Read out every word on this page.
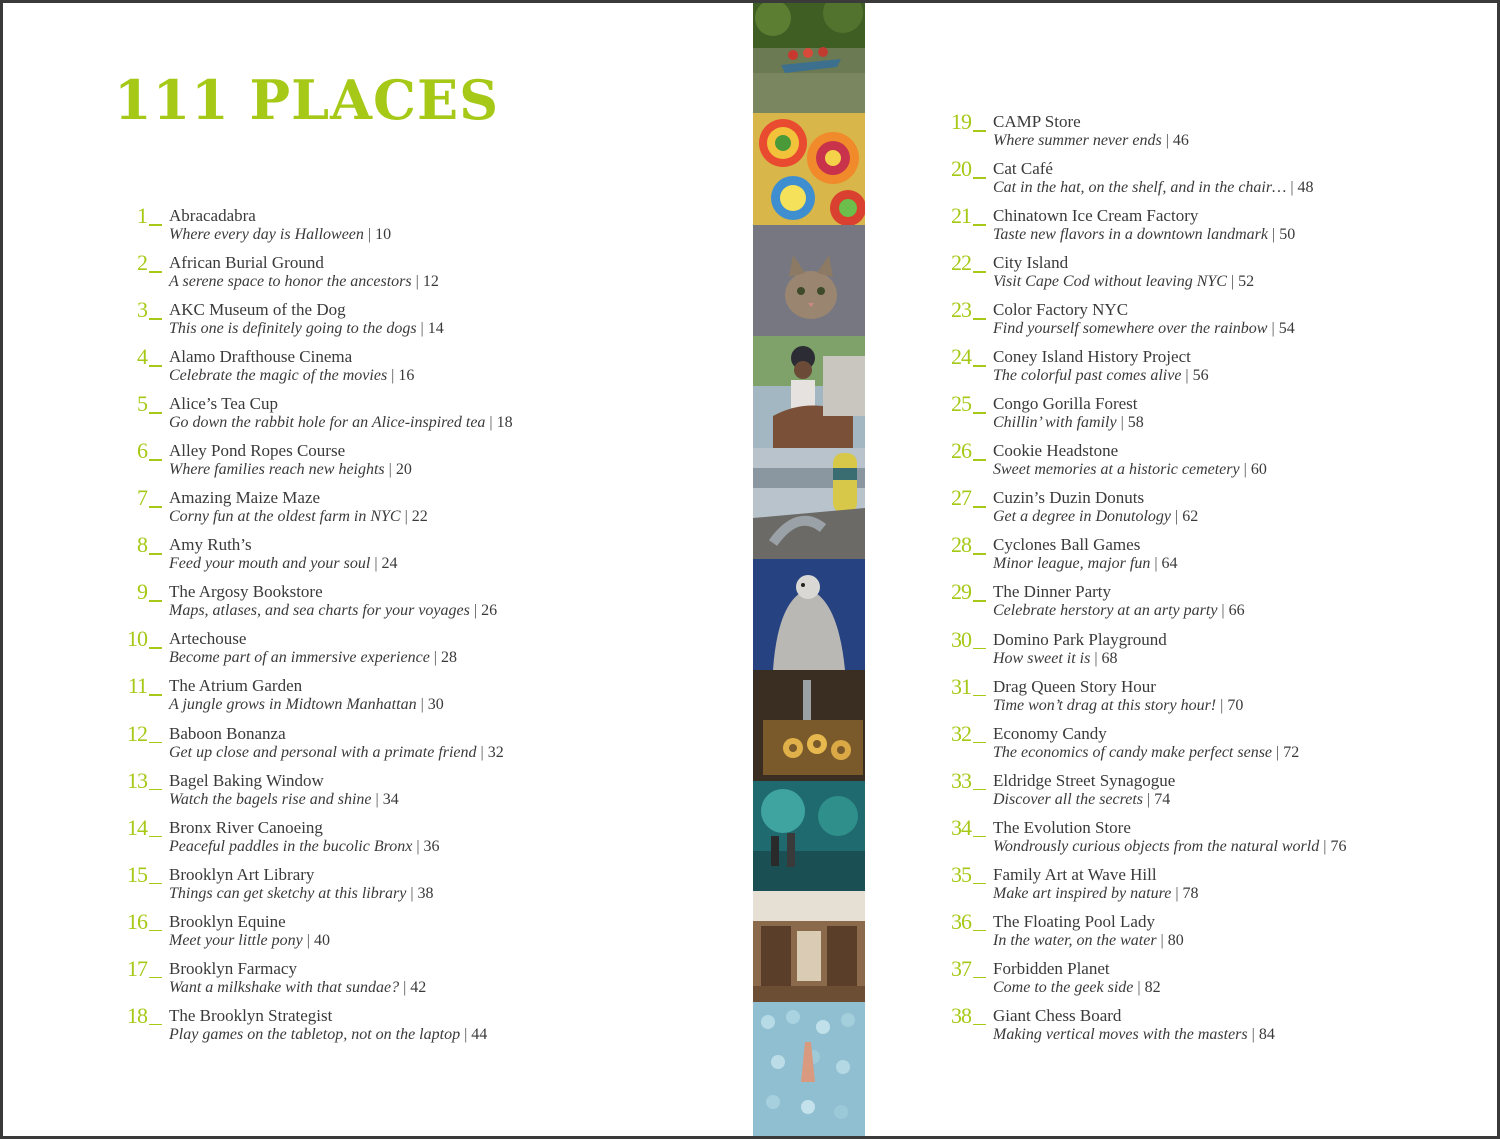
111 PLACES
1 Abracadabra
Where every day is Halloween | 10
2 African Burial Ground
A serene space to honor the ancestors | 12
3 AKC Museum of the Dog
This one is definitely going to the dogs | 14
4 Alamo Drafthouse Cinema
Celebrate the magic of the movies | 16
5 Alice’s Tea Cup
Go down the rabbit hole for an Alice-inspired tea | 18
6 Alley Pond Ropes Course
Where families reach new heights | 20
7 Amazing Maize Maze
Corny fun at the oldest farm in NYC | 22
8 Amy Ruth’s
Feed your mouth and your soul | 24
9 The Argosy Bookstore
Maps, atlases, and sea charts for your voyages | 26
10 Artechouse
Become part of an immersive experience | 28
11 The Atrium Garden
A jungle grows in Midtown Manhattan | 30
12 Baboon Bonanza
Get up close and personal with a primate friend | 32
13 Bagel Baking Window
Watch the bagels rise and shine | 34
14 Bronx River Canoeing
Peaceful paddles in the bucolic Bronx | 36
15 Brooklyn Art Library
Things can get sketchy at this library | 38
16 Brooklyn Equine
Meet your little pony | 40
17 Brooklyn Farmacy
Want a milkshake with that sundae? | 42
18 The Brooklyn Strategist
Play games on the tabletop, not on the laptop | 44
19 CAMP Store
Where summer never ends | 46
20 Cat Café
Cat in the hat, on the shelf, and in the chair… | 48
21 Chinatown Ice Cream Factory
Taste new flavors in a downtown landmark | 50
22 City Island
Visit Cape Cod without leaving NYC | 52
23 Color Factory NYC
Find yourself somewhere over the rainbow | 54
24 Coney Island History Project
The colorful past comes alive | 56
25 Congo Gorilla Forest
Chillin’ with family | 58
26 Cookie Headstone
Sweet memories at a historic cemetery | 60
27 Cuzin’s Duzin Donuts
Get a degree in Donutology | 62
28 Cyclones Ball Games
Minor league, major fun | 64
29 The Dinner Party
Celebrate herstory at an arty party | 66
30 Domino Park Playground
How sweet it is | 68
31 Drag Queen Story Hour
Time won’t drag at this story hour! | 70
32 Economy Candy
The economics of candy make perfect sense | 72
33 Eldridge Street Synagogue
Discover all the secrets | 74
34 The Evolution Store
Wondrously curious objects from the natural world | 76
35 Family Art at Wave Hill
Make art inspired by nature | 78
36 The Floating Pool Lady
In the water, on the water | 80
37 Forbidden Planet
Come to the geek side | 82
38 Giant Chess Board
Making vertical moves with the masters | 84
